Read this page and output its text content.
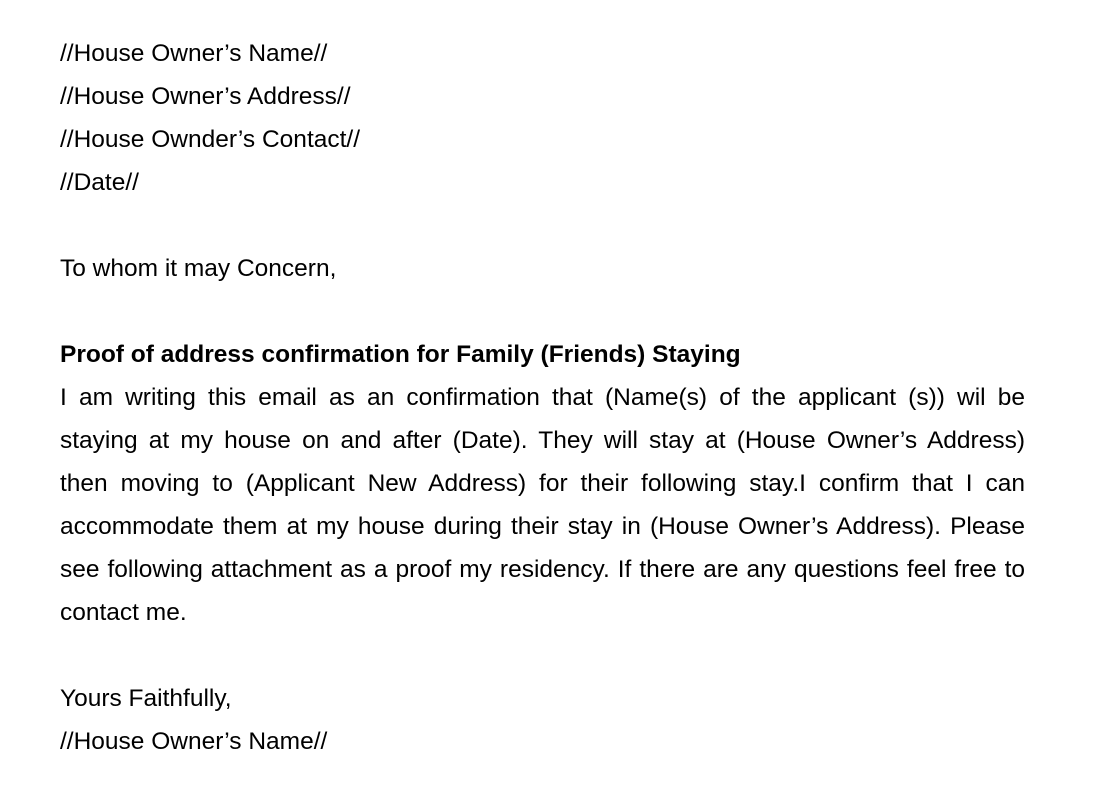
//House Owner’s Name//
//House Owner’s Address//
//House Ownder’s Contact//
//Date//
To whom it may Concern,
Proof of address confirmation for Family (Friends) Staying
I am writing this email as an confirmation that (Name(s) of the applicant (s)) wil be
staying at my house on and after (Date). They will stay at (House Owner’s Address)
then moving to (Applicant New Address) for their following stay.I confirm that I can
accommodate them at my house during their stay in (House Owner’s Address). Please
see following attachment as a proof my residency. If there are any questions feel free to
contact me.
Yours Faithfully,
//House Owner’s Name//
